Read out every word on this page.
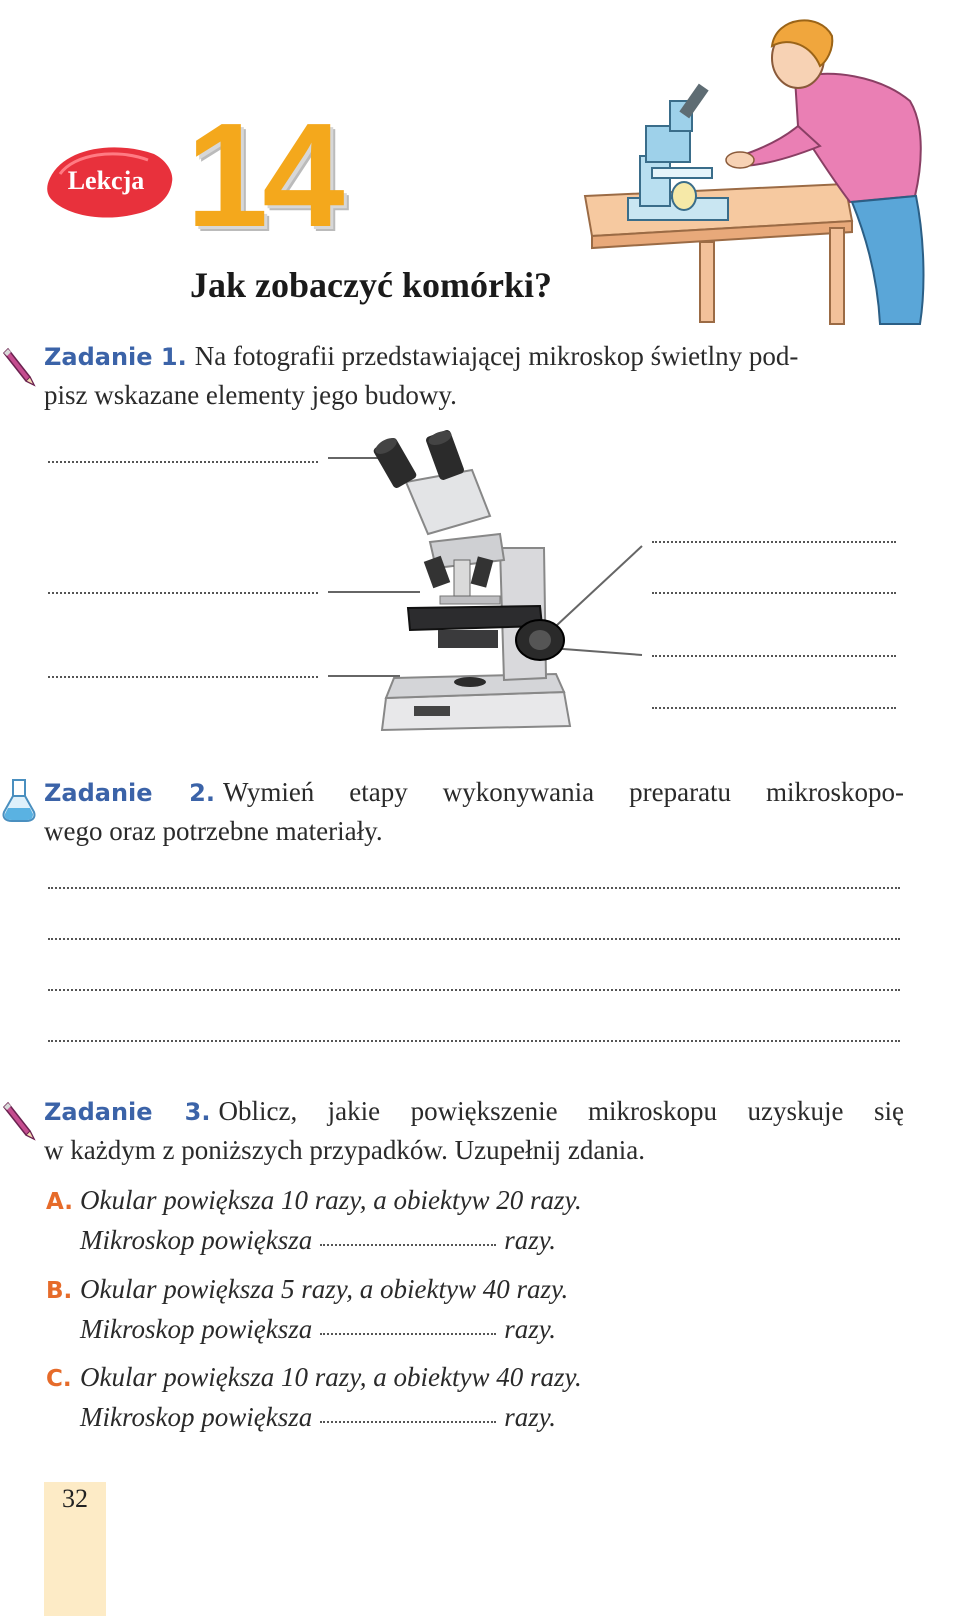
Lekcja 14
Jak zobaczyć komórki?
Zadanie 1. Na fotografii przedstawiającej mikroskop świetlny pod-
pisz wskazane elementy jego budowy.
Zadanie 2. Wymień etapy wykonywania preparatu mikroskopo-
wego oraz potrzebne materiały.
Zadanie 3. Oblicz, jakie powiększenie mikroskopu uzyskuje się
w każdym z poniższych przypadków. Uzupełnij zdania.
A. Okular powiększa 10 razy, a obiektyw 20 razy.
Mikroskop powiększa	razy.
B. Okular powiększa 5 razy, a obiektyw 40 razy.
Mikroskop powiększa	razy.
C. Okular powiększa 10 razy, a obiektyw 40 razy.
Mikroskop powiększa	razy.
32
